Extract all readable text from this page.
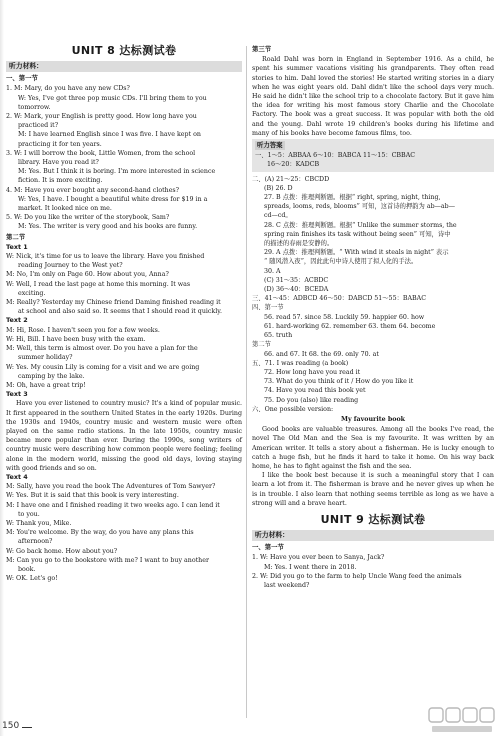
UNIT 8 达标测试卷
听力材料：
一、第一节
1. M: Mary, do you have any new CDs?
W: Yes, I've got three pop music CDs. I'll bring them to you
tomorrow.
2. W: Mark, your English is pretty good. How long have you
practiced it?
M: I have learned English since I was five. I have kept on
practicing it for ten years.
3. W: I will borrow the book, Little Women, from the school
library. Have you read it?
M: Yes. But I think it is boring. I'm more interested in science
fiction. It is more exciting.
4. M: Have you ever bought any second-hand clothes?
W: Yes, I have. I bought a beautiful white dress for $19 in a
market. It looked nice on me.
5. W: Do you like the writer of the storybook, Sam?
M: Yes. The writer is very good and his books are funny.
第二节
Text 1
W: Nick, it's time for us to leave the library. Have you finished
reading Journey to the West yet?
M: No, I'm only on Page 60. How about you, Anna?
W: Well, I read the last page at home this morning. It was
exciting.
M: Really? Yesterday my Chinese friend Daming finished reading it
at school and also said so. It seems that I should read it quickly.
Text 2
M: Hi, Rose. I haven't seen you for a few weeks.
W: Hi, Bill. I have been busy with the exam.
M: Well, this term is almost over. Do you have a plan for the
summer holiday?
W: Yes. My cousin Lily is coming for a visit and we are going
camping by the lake.
M: Oh, have a great trip!
Text 3
Have you ever listened to country music? It's a kind of popular music. It first appeared in the southern United States in the early 1920s. During the 1930s and 1940s, country music and western music were often played on the same radio stations. In the late 1950s, country music became more popular than ever. During the 1990s, song writers of country music were describing how common people were feeling; feeling alone in the modern world, missing the good old days, loving staying with good friends and so on.
Text 4
M: Sally, have you read the book The Adventures of Tom Sawyer?
W: Yes. But it is said that this book is very interesting.
M: I have one and I finished reading it two weeks ago. I can lend it
to you.
W: Thank you, Mike.
M: You're welcome. By the way, do you have any plans this
afternoon?
W: Go back home. How about you?
M: Can you go to the bookstore with me? I want to buy another
book.
W: OK. Let's go!
第三节
Roald Dahl was born in England in September 1916. As a child, he spent his summer vacations visiting his grandparents. They often read stories to him. Dahl loved the stories! He started writing stories in a diary when he was eight years old. Dahl didn't like the school days very much. He said he didn't like the school trip to a chocolate factory. But it gave him the idea for writing his most famous story Charlie and the Chocolate Factory. The book was a great success. It was popular with both the old and the young. Dahl wrote 19 children's books during his lifetime and many of his books have become famous films, too.
听力答案
一、1～5：ABBAA 6～10：BABCA 11～15：CBBAC
16～20：KADCB
二、(A) 21～25：CBCDD
(B) 26. D
27. B 点拨：推理判断题。根据“ right, spring, night, thing,
spreads, looms, reds, blooms” 可知，这首诗的押韵为 ab—ab—
cd—cd。
28. C 点拨：推理判断题。根据“ Unlike the summer storms, the
spring rain finishes its task without being seen” 可知，诗中
的描述的春雨是安静的。
29. A 点拨：推理判断题。“ With wind it steals in night” 表示
“ 随风潜入夜”，因此此句中诗人使用了拟人化的手法。
30. A
(C) 31～35：ACBDC
(D) 36～40：BCEDA
三、41～45：ADBCD 46～50：DABCD 51～55：BABAC
四、第一节
56. read 57. since 58. Luckily 59. happier 60. how
61. hard-working 62. remember 63. them 64. become
65. truth
第二节
66. and 67. It 68. the 69. only 70. at
五、71. I was reading (a book)
72. How long have you read it
73. What do you think of it / How do you like it
74. Have you read this book yet
75. Do you (also) like reading
六、One possible version:
My favourite book
Good books are valuable treasures. Among all the books I've read, the novel The Old Man and the Sea is my favourite. It was written by an American writer. It tells a story about a fisherman. He is lucky enough to catch a huge fish, but he finds it hard to take it home. On his way back home, he has to fight against the fish and the sea.
I like the book best because it is such a meaningful story that I can learn a lot from it. The fisherman is brave and he never gives up when he is in trouble. I also learn that nothing seems terrible as long as we have a strong will and a brave heart.
UNIT 9 达标测试卷
听力材料：
一、第一节
1. W: Have you ever been to Sanya, Jack?
M: Yes. I went there in 2018.
2. W: Did you go to the farm to help Uncle Wang feed the animals
last weekend?
150
